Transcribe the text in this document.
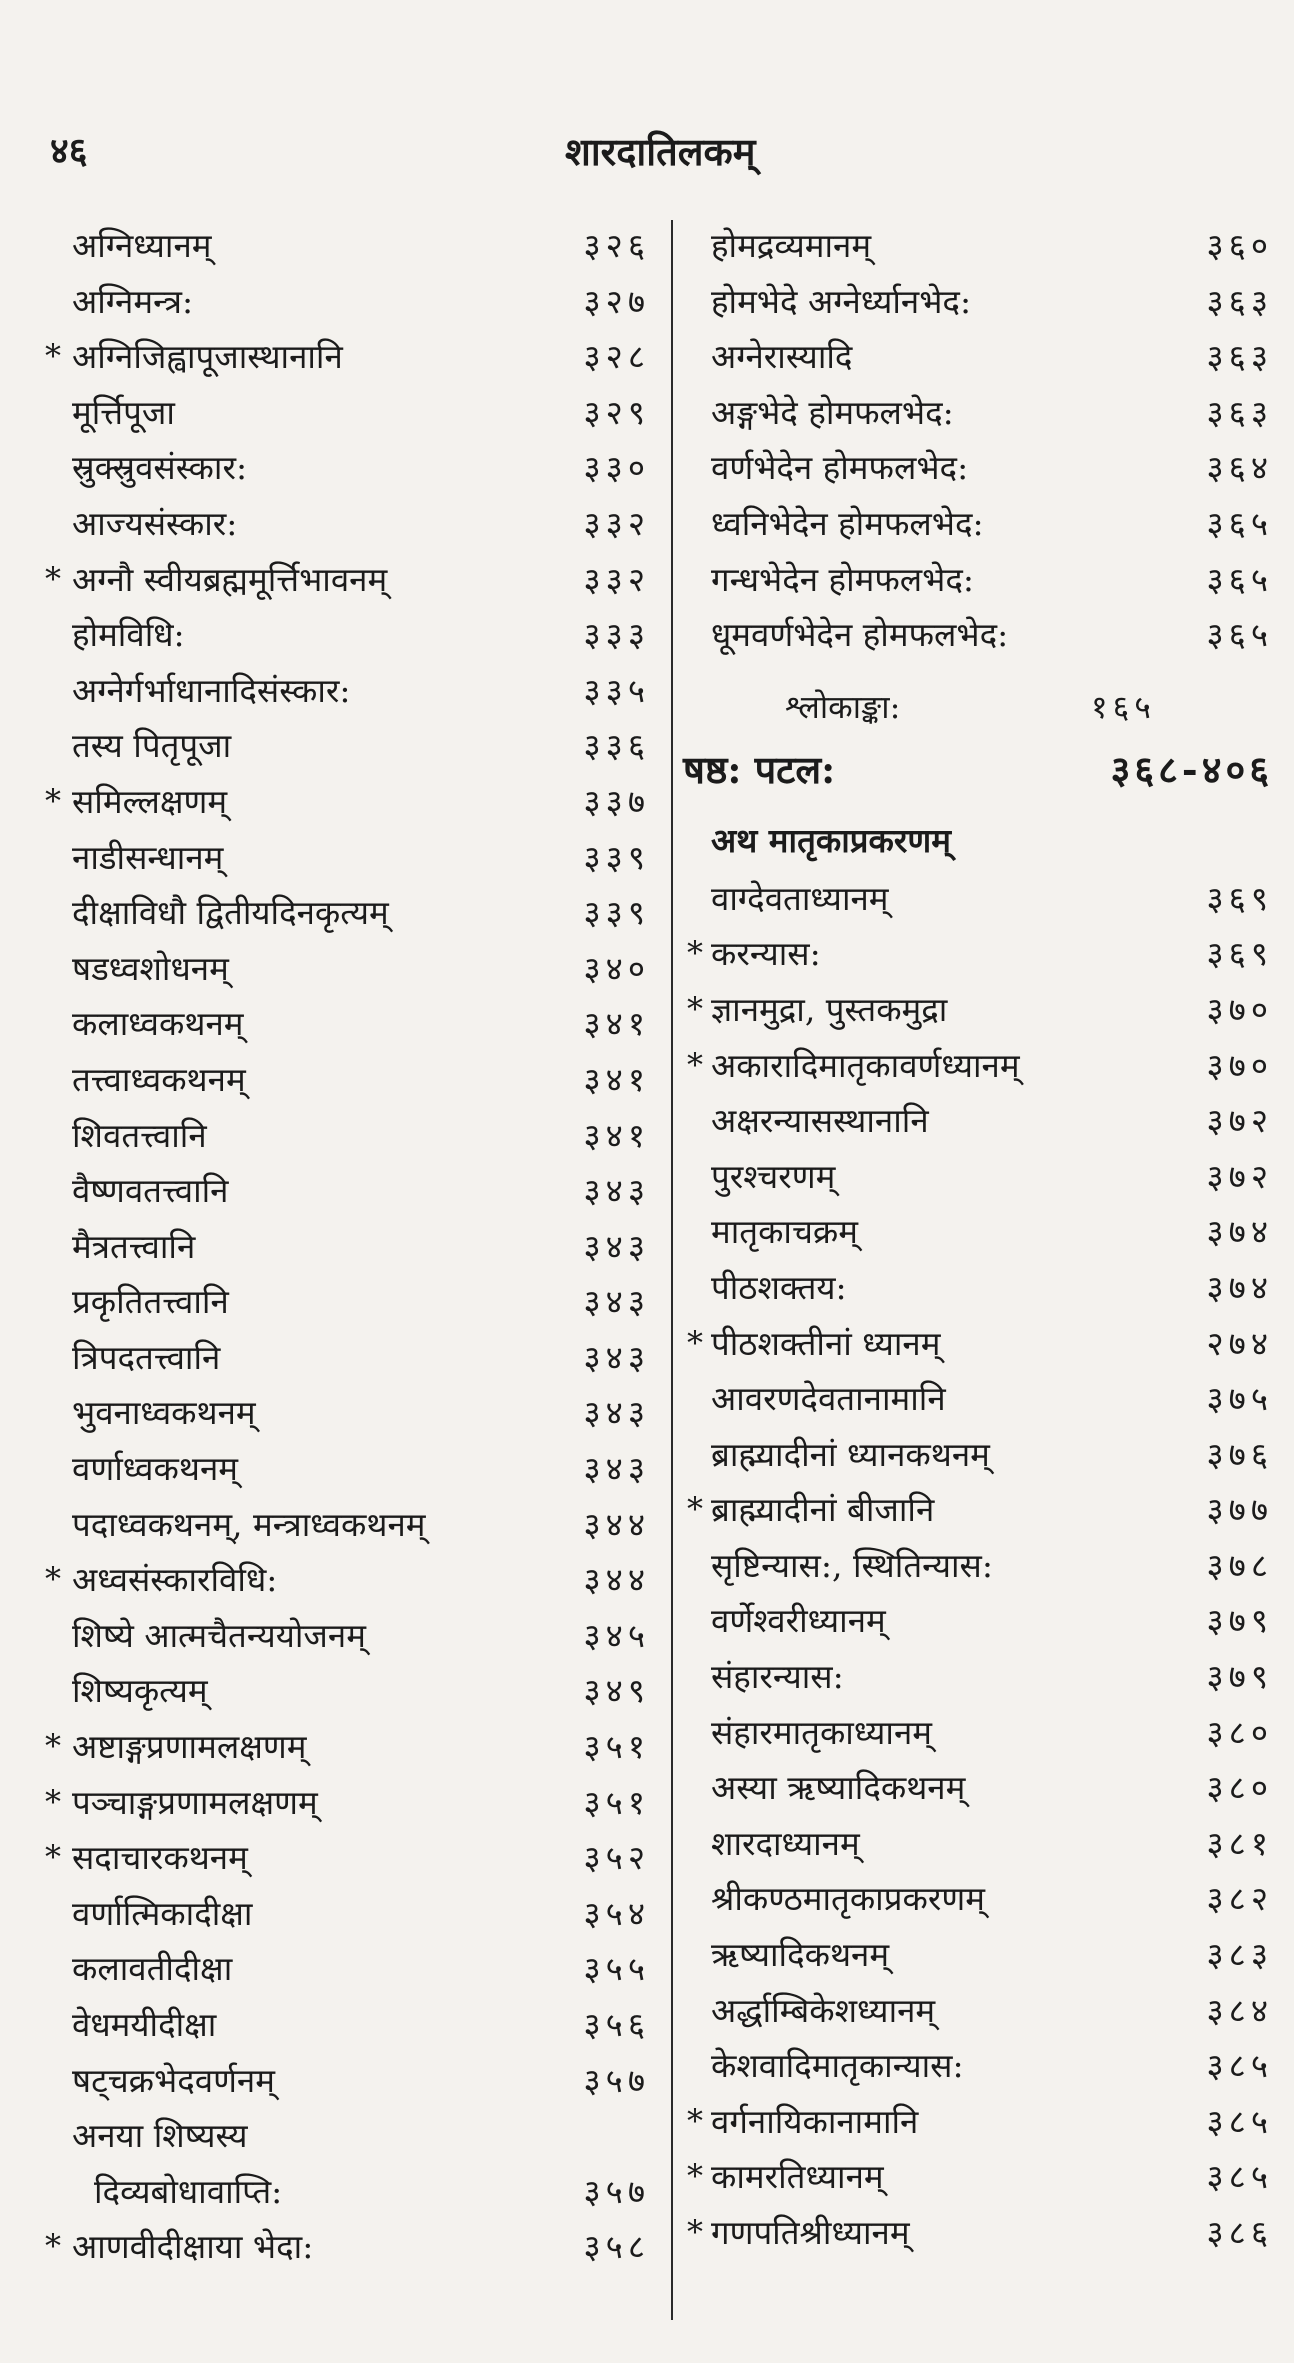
४६	शारदातिलकम्
अग्निध्यानम्	३२६
अग्निमन्त्र:	३२७
* अग्निजिह्वापूजास्थानानि	३२८
मूर्त्तिपूजा	३२९
स्रुक्स्रुवसंस्कार:	३३०
आज्यसंस्कार:	३३२
* अग्नौ स्वीयब्रह्ममूर्त्तिभावनम्	३३२
होमविधि:	३३३
अग्नेर्गर्भाधानादिसंस्कार:	३३५
तस्य पितृपूजा	३३६
* समिल्लक्षणम्	३३७
नाडीसन्धानम्	३३९
दीक्षाविधौ द्वितीयदिनकृत्यम्	३३९
षडध्वशोधनम्	३४०
कलाध्वकथनम्	३४१
तत्त्वाध्वकथनम्	३४१
शिवतत्त्वानि	३४१
वैष्णवतत्त्वानि	३४३
मैत्रतत्त्वानि	३४३
प्रकृतितत्त्वानि	३४३
त्रिपदतत्त्वानि	३४३
भुवनाध्वकथनम्	३४३
वर्णाध्वकथनम्	३४३
पदाध्वकथनम्, मन्त्राध्वकथनम्	३४४
* अध्वसंस्कारविधि:	३४४
शिष्ये आत्मचैतन्ययोजनम्	३४५
शिष्यकृत्यम्	३४९
* अष्टाङ्गप्रणामलक्षणम्	३५१
* पञ्चाङ्गप्रणामलक्षणम्	३५१
* सदाचारकथनम्	३५२
वर्णात्मिकादीक्षा	३५४
कलावतीदीक्षा	३५५
वेधमयीदीक्षा	३५६
षट्चक्रभेदवर्णनम्	३५७
अनया शिष्यस्य
दिव्यबोधावाप्ति:	३५७
* आणवीदीक्षाया भेदा:	३५८
होमद्रव्यमानम्	३६०
होमभेदे अग्नेर्ध्यानभेद:	३६३
अग्नेरास्यादि	३६३
अङ्गभेदे होमफलभेद:	३६३
वर्णभेदेन होमफलभेद:	३६४
ध्वनिभेदेन होमफलभेद:	३६५
गन्धभेदेन होमफलभेद:	३६५
धूमवर्णभेदेन होमफलभेद:	३६५
श्लोकाङ्का:	१६५
षष्ठ: पटल:	३६८-४०६
अथ मातृकाप्रकरणम्
वाग्देवताध्यानम्	३६९
* करन्यास:	३६९
* ज्ञानमुद्रा, पुस्तकमुद्रा	३७०
* अकारादिमातृकावर्णध्यानम्	३७०
अक्षरन्यासस्थानानि	३७२
पुरश्चरणम्	३७२
मातृकाचक्रम्	३७४
पीठशक्तय:	३७४
* पीठशक्तीनां ध्यानम्	२७४
आवरणदेवतानामानि	३७५
ब्राह्म्यादीनां ध्यानकथनम्	३७६
* ब्राह्म्यादीनां बीजानि	३७७
सृष्टिन्यास:, स्थितिन्यास:	३७८
वर्णेश्वरीध्यानम्	३७९
संहारन्यास:	३७९
संहारमातृकाध्यानम्	३८०
अस्या ऋष्यादिकथनम्	३८०
शारदाध्यानम्	३८१
श्रीकण्ठमातृकाप्रकरणम्	३८२
ऋष्यादिकथनम्	३८३
अर्द्धाम्बिकेशध्यानम्	३८४
केशवादिमातृकान्यास:	३८५
* वर्गनायिकानामानि	३८५
* कामरतिध्यानम्	३८५
* गणपतिश्रीध्यानम्	३८६
